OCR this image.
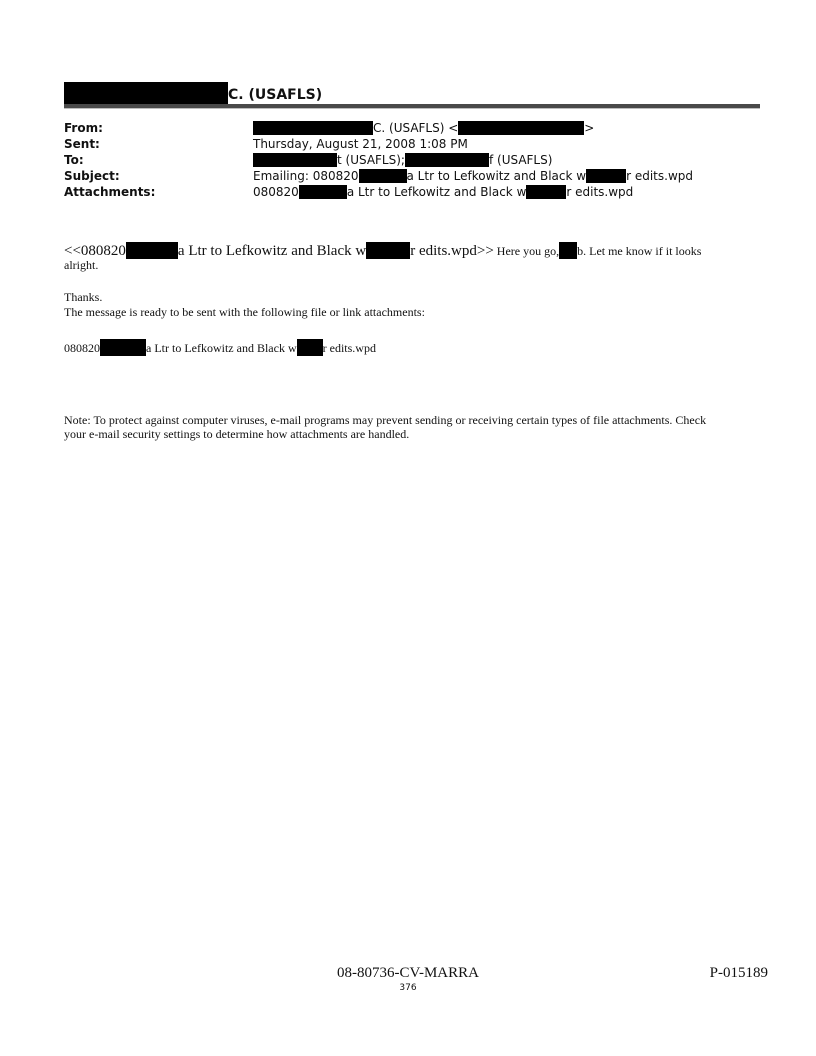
C. (USAFLS)
From:	C. (USAFLS) <	>
Sent:	Thursday, August 21, 2008 1:08 PM
To:	t (USAFLS);	f (USAFLS)
Subject:	Emailing: 080820	a Ltr to Lefkowitz and Black w	r edits.wpd
Attachments:	080820	a Ltr to Lefkowitz and Black w	r edits.wpd
<<080820	a Ltr to Lefkowitz and Black w	r edits.wpd>> Here you go, b. Let me know if it looks
alright.
Thanks.
The message is ready to be sent with the following file or link attachments:
080820	a Ltr to Lefkowitz and Black w r edits.wpd
Note: To protect against computer viruses, e-mail programs may prevent sending or receiving certain types of file attachments. Check
your e-mail security settings to determine how attachments are handled.
08-80736-CV-MARRA
376
P-015189
